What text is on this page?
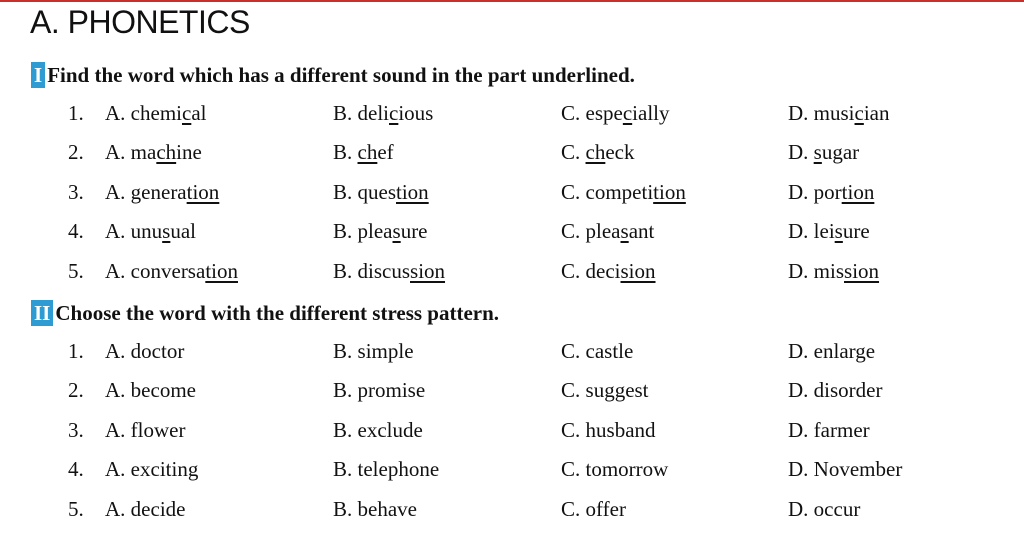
A. PHONETICS
I Find the word which has a different sound in the part underlined.
1. A. chemical	B. delicious	C. especially	D. musician
2. A. machine	B. chef	C. check	D. sugar
3. A. generation	B. question	C. competition	D. portion
4. A. unusual	B. pleasure	C. pleasant	D. leisure
5. A. conversation	B. discussion	C. decision	D. mission
II Choose the word with the different stress pattern.
1. A. doctor	B. simple	C. castle	D. enlarge
2. A. become	B. promise	C. suggest	D. disorder
3. A. flower	B. exclude	C. husband	D. farmer
4. A. exciting	B. telephone	C. tomorrow	D. November
5. A. decide	B. behave	C. offer	D. occur
